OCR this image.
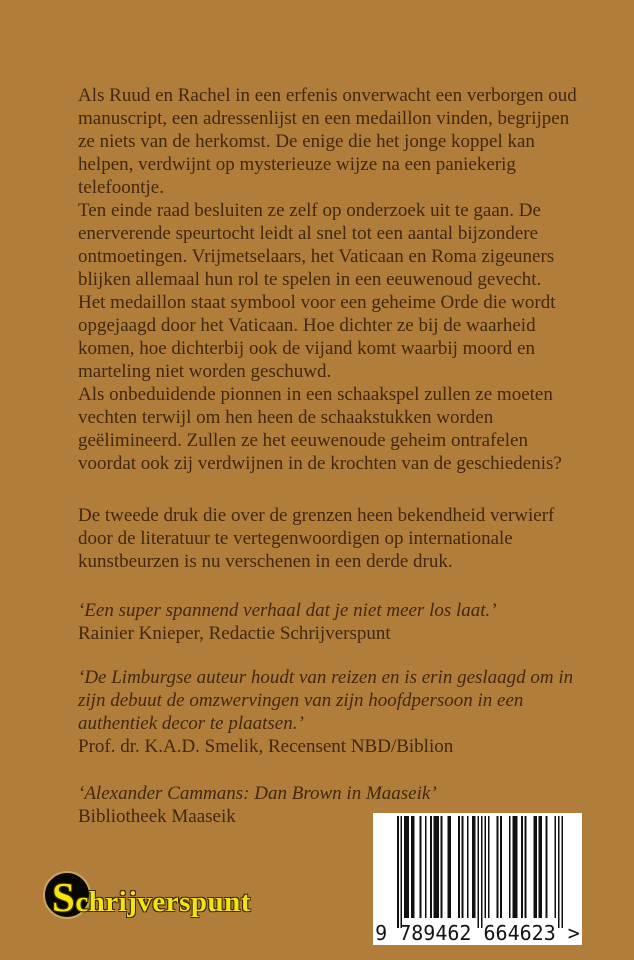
Als Ruud en Rachel in een erfenis onverwacht een verborgen oud manuscript, een adressenlijst en een medaillon vinden, begrijpen ze niets van de herkomst. De enige die het jonge koppel kan helpen, verdwijnt op mysterieuze wijze na een paniekerig telefoontje.

Ten einde raad besluiten ze zelf op onderzoek uit te gaan. De enerverende speurtocht leidt al snel tot een aantal bijzondere ontmoetingen. Vrijmetselaars, het Vaticaan en Roma zigeuners blijken allemaal hun rol te spelen in een eeuwenoud gevecht.

Het medaillon staat symbool voor een geheime Orde die wordt opgejaagd door het Vaticaan. Hoe dichter ze bij de waarheid komen, hoe dichterbij ook de vijand komt waarbij moord en marteling niet worden geschuwd.

Als onbeduidende pionnen in een schaakspel zullen ze moeten vechten terwijl om hen heen de schaakstukken worden geëlimineerd. Zullen ze het eeuwenoude geheim ontrafelen voordat ook zij verdwijnen in de krochten van de geschiedenis?

De tweede druk die over de grenzen heen bekendheid verwierf door de literatuur te vertegenwoordigen op internationale kunstbeurzen is nu verschenen in een derde druk.

‘Een super spannend verhaal dat je niet meer los laat.’
Rainier Knieper, Redactie Schrijverspunt
‘De Limburgse auteur houdt van reizen en is erin geslaagd om in zijn debuut de omzwervingen van zijn hoofdpersoon in een authentiek decor te plaatsen.’
Prof. dr. K.A.D. Smelik, Recensent NBD/Biblion
‘Alexander Cammans: Dan Brown in Maaseik’
Bibliotheek Maaseik
Schrijverspunt
9 789462 664623 >
